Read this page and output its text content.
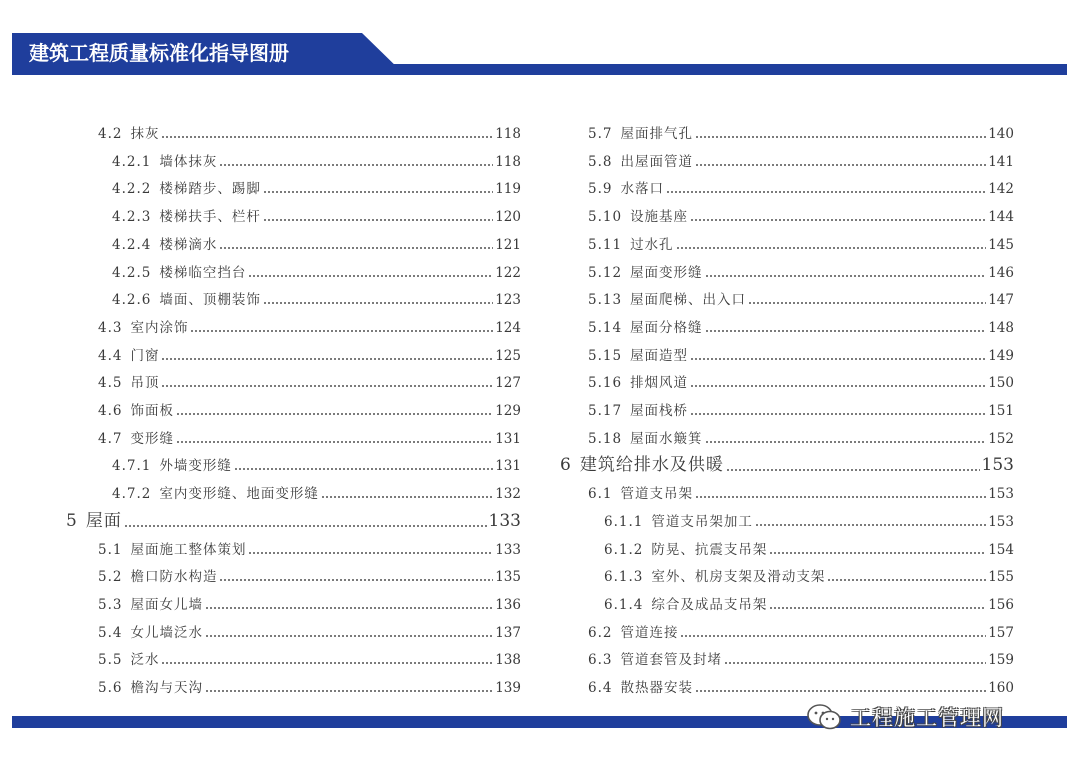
建筑工程质量标准化指导图册
4.2 抹灰	118
4.2.1 墙体抹灰	118
4.2.2 楼梯踏步、踢脚	119
4.2.3 楼梯扶手、栏杆	120
4.2.4 楼梯滴水	121
4.2.5 楼梯临空挡台	122
4.2.6 墙面、顶棚装饰	123
4.3 室内涂饰	124
4.4 门窗	125
4.5 吊顶	127
4.6 饰面板	129
4.7 变形缝	131
4.7.1 外墙变形缝	131
4.7.2 室内变形缝、地面变形缝	132
5 屋面	133
5.1 屋面施工整体策划	133
5.2 檐口防水构造	135
5.3 屋面女儿墙	136
5.4 女儿墙泛水	137
5.5 泛水	138
5.6 檐沟与天沟	139
5.7 屋面排气孔	140
5.8 出屋面管道	141
5.9 水落口	142
5.10 设施基座	144
5.11 过水孔	145
5.12 屋面变形缝	146
5.13 屋面爬梯、出入口	147
5.14 屋面分格缝	148
5.15 屋面造型	149
5.16 排烟风道	150
5.17 屋面栈桥	151
5.18 屋面水簸箕	152
6 建筑给排水及供暖	153
6.1 管道支吊架	153
6.1.1 管道支吊架加工	153
6.1.2 防晃、抗震支吊架	154
6.1.3 室外、机房支架及滑动支架	155
6.1.4 综合及成品支吊架	156
6.2 管道连接	157
6.3 管道套管及封堵	159
6.4 散热器安装	160
工程施工管理网
